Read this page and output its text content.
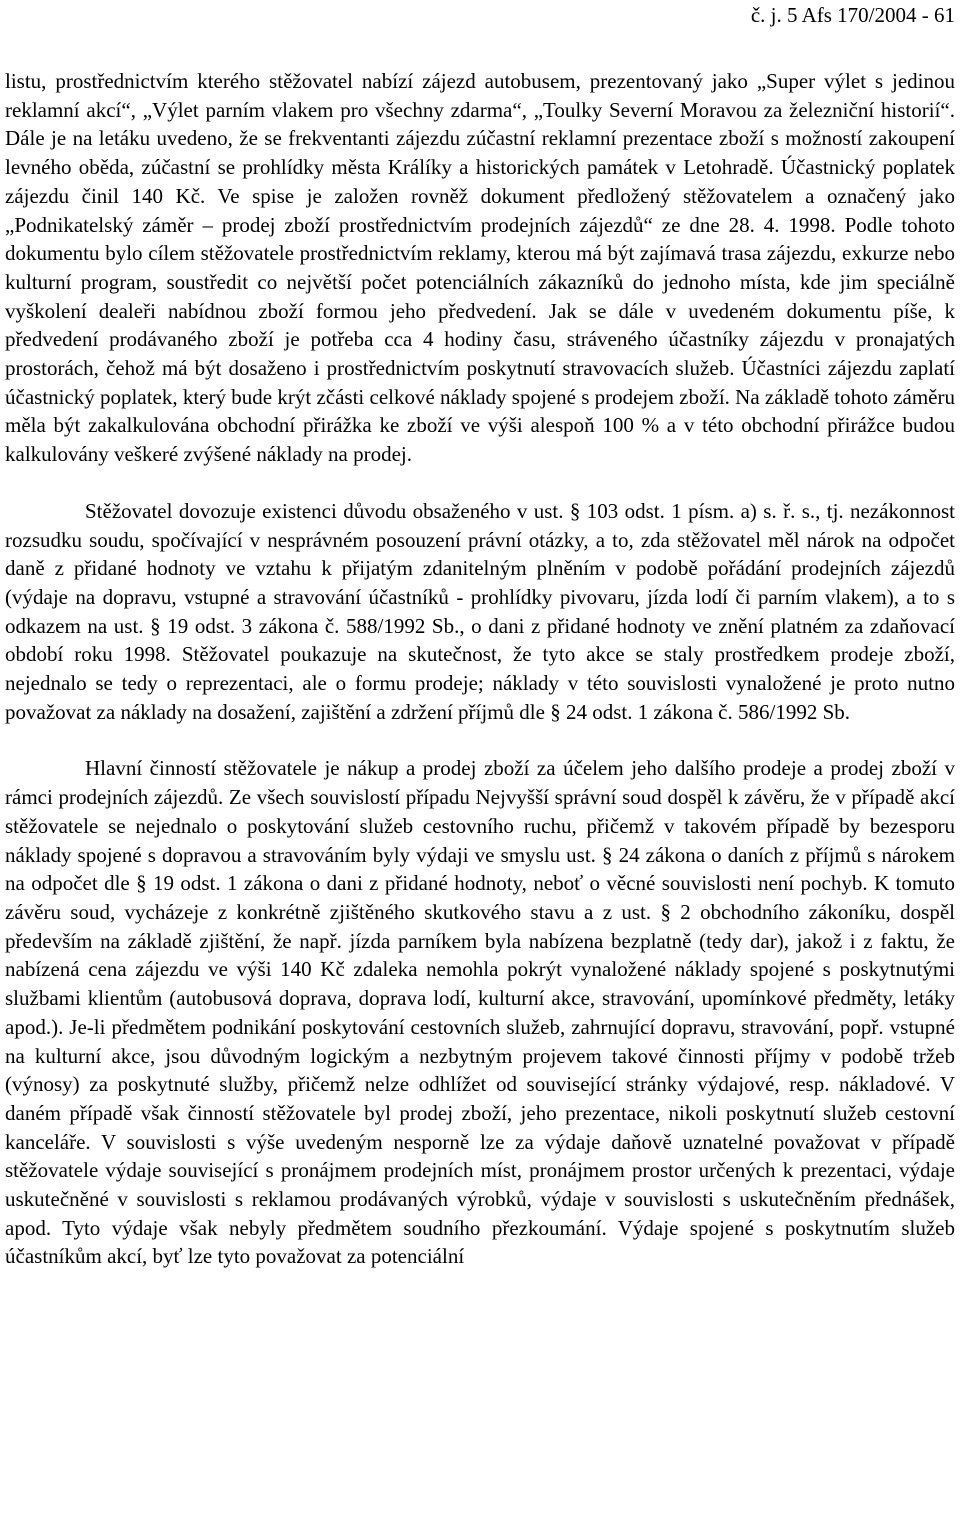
č. j. 5 Afs 170/2004 - 61

listu, prostřednictvím kterého stěžovatel nabízí zájezd autobusem, prezentovaný jako „Super výlet s jedinou reklamní akcí“, „Výlet parním vlakem pro všechny zdarma“, „Toulky Severní Moravou za železniční historií“. Dále je na letáku uvedeno, že se frekventanti zájezdu zúčastní reklamní prezentace zboží s možností zakoupení levného oběda, zúčastní se prohlídky města Králíky a historických památek v Letohradě. Účastnický poplatek zájezdu činil 140 Kč. Ve spise je založen rovněž dokument předložený stěžovatelem a označený jako „Podnikatelský záměr – prodej zboží prostřednictvím prodejních zájezdů“ ze dne 28. 4. 1998. Podle tohoto dokumentu bylo cílem stěžovatele prostřednictvím reklamy, kterou má být zajímavá trasa zájezdu, exkurze nebo kulturní program, soustředit co největší počet potenciálních zákazníků do jednoho místa, kde jim speciálně vyškolení dealeři nabídnou zboží formou jeho předvedení. Jak se dále v uvedeném dokumentu píše, k předvedení prodávaného zboží je potřeba cca 4 hodiny času, stráveného účastníky zájezdu v pronajatých prostorách, čehož má být dosaženo i prostřednictvím poskytnutí stravovacích služeb. Účastníci zájezdu zaplatí účastnický poplatek, který bude krýt zčásti celkové náklady spojené s prodejem zboží. Na základě tohoto záměru měla být zakalkulována obchodní přirážka ke zboží ve výši alespoň 100 % a v této obchodní přirážce budou kalkulovány veškeré zvýšené náklady na prodej.

Stěžovatel dovozuje existenci důvodu obsaženého v ust. § 103 odst. 1 písm. a) s. ř. s., tj. nezákonnost rozsudku soudu, spočívající v nesprávném posouzení právní otázky, a to, zda stěžovatel měl nárok na odpočet daně z přidané hodnoty ve vztahu k přijatým zdanitelným plněním v podobě pořádání prodejních zájezdů (výdaje na dopravu, vstupné a stravování účastníků - prohlídky pivovaru, jízda lodí či parním vlakem), a to s odkazem na ust. § 19 odst. 3 zákona č. 588/1992 Sb., o dani z přidané hodnoty ve znění platném za zdaňovací období roku 1998. Stěžovatel poukazuje na skutečnost, že tyto akce se staly prostředkem prodeje zboží, nejednalo se tedy o reprezentaci, ale o formu prodeje; náklady v této souvislosti vynaložené je proto nutno považovat za náklady na dosažení, zajištění a zdržení příjmů dle § 24 odst. 1 zákona č. 586/1992 Sb.

Hlavní činností stěžovatele je nákup a prodej zboží za účelem jeho dalšího prodeje a prodej zboží v rámci prodejních zájezdů. Ze všech souvislostí případu Nejvyšší správní soud dospěl k závěru, že v případě akcí stěžovatele se nejednalo o poskytování služeb cestovního ruchu, přičemž v takovém případě by bezesporu náklady spojené s dopravou a stravováním byly výdaji ve smyslu ust. § 24 zákona o daních z příjmů s nárokem na odpočet dle § 19 odst. 1 zákona o dani z přidané hodnoty, neboť o věcné souvislosti není pochyb. K tomuto závěru soud, vycházeje z konkrétně zjištěného skutkového stavu a z ust. § 2 obchodního zákoníku, dospěl především na základě zjištění, že např. jízda parníkem byla nabízena bezplatně (tedy dar), jakož i z faktu, že nabízená cena zájezdu ve výši 140 Kč zdaleka nemohla pokrýt vynaložené náklady spojené s poskytnutými službami klientům (autobusová doprava, doprava lodí, kulturní akce, stravování, upomínkové předměty, letáky apod.). Je-li předmětem podnikání poskytování cestovních služeb, zahrnující dopravu, stravování, popř. vstupné na kulturní akce, jsou důvodným logickým a nezbytným projevem takové činnosti příjmy v podobě tržeb (výnosy) za poskytnuté služby, přičemž nelze odhlížet od související stránky výdajové, resp. nákladové. V daném případě však činností stěžovatele byl prodej zboží, jeho prezentace, nikoli poskytnutí služeb cestovní kanceláře. V souvislosti s výše uvedeným nesporně lze za výdaje daňově uznatelné považovat v případě stěžovatele výdaje související s pronájmem prodejních míst, pronájmem prostor určených k prezentaci, výdaje uskutečněné v souvislosti s reklamou prodávaných výrobků, výdaje v souvislosti s uskutečněním přednášek, apod. Tyto výdaje však nebyly předmětem soudního přezkoumání. Výdaje spojené s poskytnutím služeb účastníkům akcí, byť lze tyto považovat za potenciální
